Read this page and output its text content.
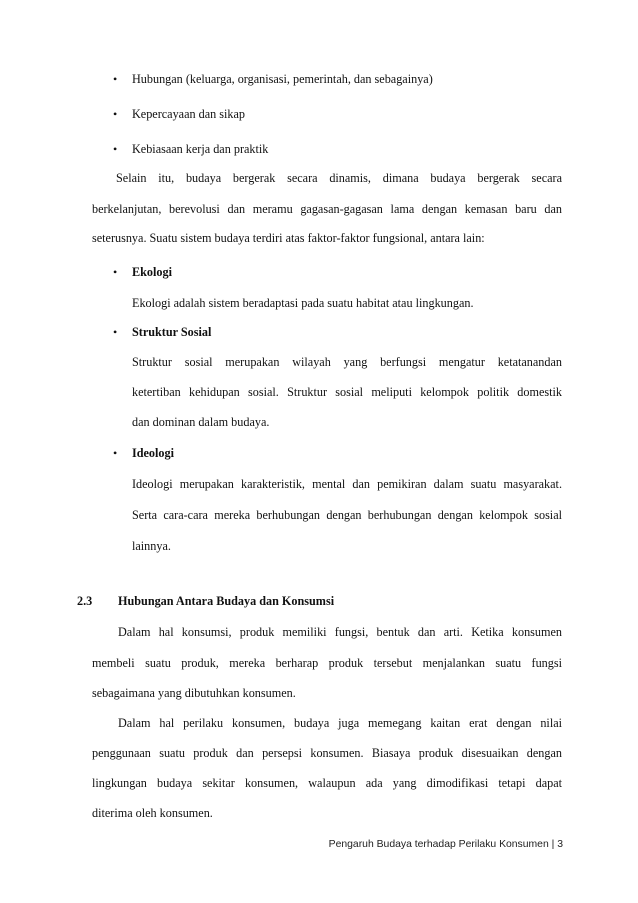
• Hubungan (keluarga, organisasi, pemerintah, dan sebagainya)
• Kepercayaan dan sikap
• Kebiasaan kerja dan praktik
Selain itu, budaya bergerak secara dinamis, dimana budaya bergerak secara
berkelanjutan, berevolusi dan meramu gagasan-gagasan lama dengan kemasan baru dan
seterusnya. Suatu sistem budaya terdiri atas faktor-faktor fungsional, antara lain:
• Ekologi
Ekologi adalah sistem beradaptasi pada suatu habitat atau lingkungan.
• Struktur Sosial
Struktur sosial merupakan wilayah yang berfungsi mengatur ketatanandan
ketertiban kehidupan sosial. Struktur sosial meliputi kelompok politik domestik
dan dominan dalam budaya.
• Ideologi
Ideologi merupakan karakteristik, mental dan pemikiran dalam suatu masyarakat.
Serta cara-cara mereka berhubungan dengan berhubungan dengan kelompok sosial
lainnya.
2.3 Hubungan Antara Budaya dan Konsumsi
Dalam hal konsumsi, produk memiliki fungsi, bentuk dan arti. Ketika konsumen
membeli suatu produk, mereka berharap produk tersebut menjalankan suatu fungsi
sebagaimana yang dibutuhkan konsumen.
Dalam hal perilaku konsumen, budaya juga memegang kaitan erat dengan nilai
penggunaan suatu produk dan persepsi konsumen. Biasaya produk disesuaikan dengan
lingkungan budaya sekitar konsumen, walaupun ada yang dimodifikasi tetapi dapat
diterima oleh konsumen.
Pengaruh Budaya terhadap Perilaku Konsumen | 3
